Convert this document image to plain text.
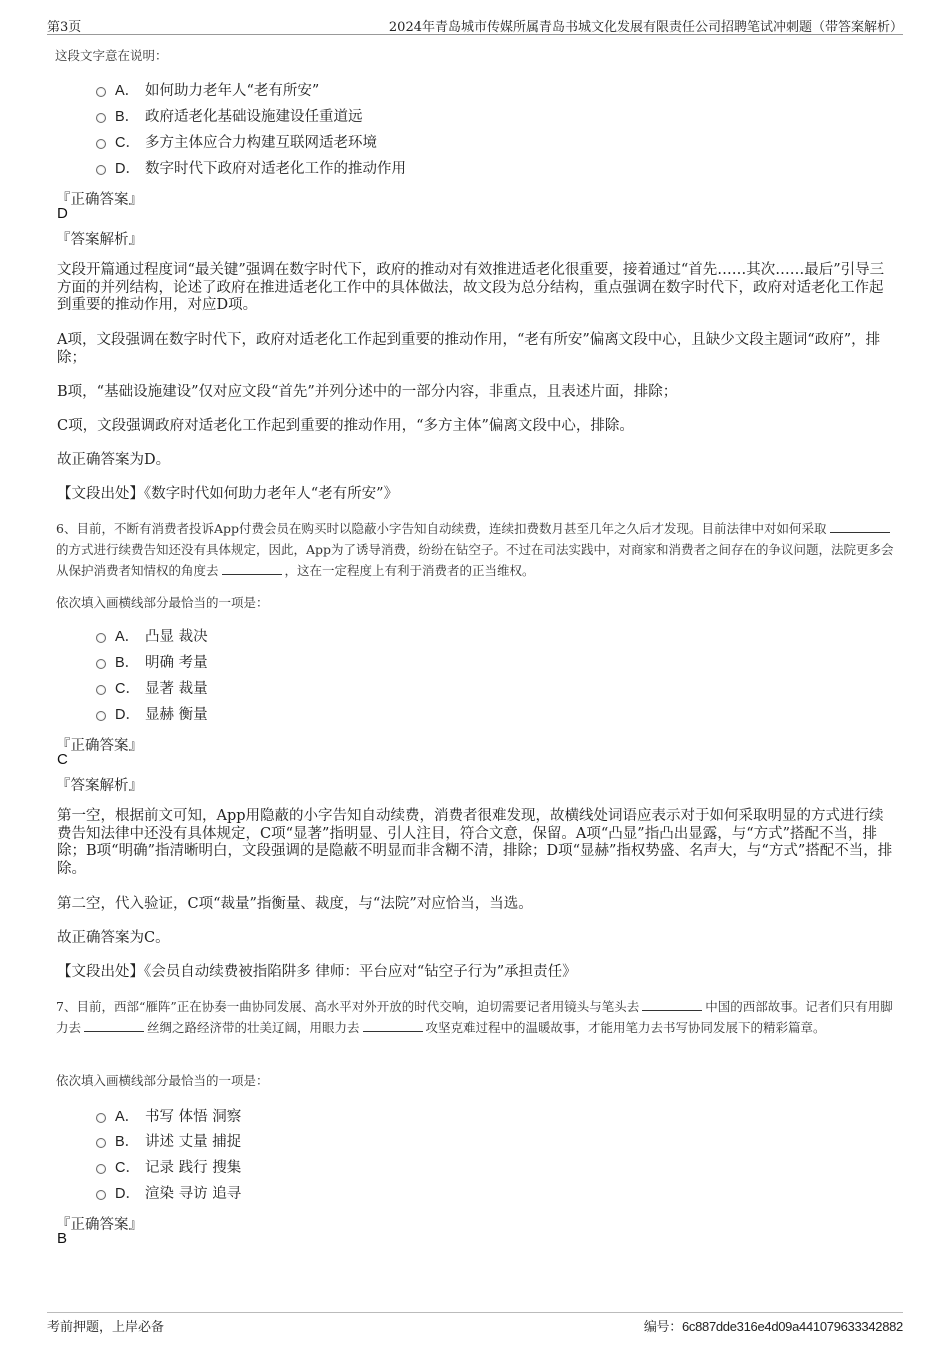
第3页	2024年青岛城市传媒所属青岛书城文化发展有限责任公司招聘笔试冲刺题（带答案解析）
这段文字意在说明：
A． 如何助力老年人“老有所安”
B． 政府适老化基础设施建设任重道远
C． 多方主体应合力构建互联网适老环境
D． 数字时代下政府对适老化工作的推动作用
『正确答案』
D
『答案解析』
文段开篇通过程度词“最关键”强调在数字时代下，政府的推动对有效推进适老化很重要，接着通过“首先……其次……最后”引导三方面的并列结构，论述了政府在推进适老化工作中的具体做法，故文段为总分结构，重点强调在数字时代下，政府对适老化工作起到重要的推动作用，对应D项。
A项，文段强调在数字时代下，政府对适老化工作起到重要的推动作用，“老有所安”偏离文段中心，且缺少文段主题词“政府”，排除；
B项，“基础设施建设”仅对应文段“首先”并列分述中的一部分内容，非重点，且表述片面，排除；
C项，文段强调政府对适老化工作起到重要的推动作用，“多方主体”偏离文段中心，排除。
故正确答案为D。
【文段出处】《数字时代如何助力老年人“老有所安”》
6、目前，不断有消费者投诉App付费会员在购买时以隐蔽小字告知自动续费，连续扣费数月甚至几年之久后才发现。目前法律中对如何采取的方式进行续费告知还没有具体规定，因此，App为了诱导消费，纷纷在钻空子。不过在司法实践中，对商家和消费者之间存在的争议问题，法院更多会从保护消费者知情权的角度去	，这在一定程度上有利于消费者的正当维权。
依次填入画横线部分最恰当的一项是：
A． 凸显 裁决
B． 明确 考量
C． 显著 裁量
D． 显赫 衡量
『正确答案』
C
『答案解析』
第一空，根据前文可知，App用隐蔽的小字告知自动续费，消费者很难发现，故横线处词语应表示对于如何采取明显的方式进行续费告知法律中还没有具体规定，C项“显著”指明显、引人注目，符合文意，保留。A项“凸显”指凸出显露，与“方式”搭配不当，排除；B项“明确”指清晰明白，文段强调的是隐蔽不明显而非含糊不清，排除；D项“显赫”指权势盛、名声大，与“方式”搭配不当，排除。
第二空，代入验证，C项“裁量”指衡量、裁度，与“法院”对应恰当，当选。
故正确答案为C。
【文段出处】《会员自动续费被指陷阱多 律师：平台应对“钻空子行为”承担责任》
7、目前，西部“雁阵”正在协奏一曲协同发展、高水平对外开放的时代交响，迫切需要记者用镜头与笔头去	中国的西部故事。记者们只有用脚力去	丝绸之路经济带的壮美辽阔，用眼力去	攻坚克难过程中的温暖故事，才能用笔力去书写协同发展下的精彩篇章。
依次填入画横线部分最恰当的一项是：
A． 书写 体悟 洞察
B． 讲述 丈量 捕捉
C． 记录 践行 搜集
D． 渲染 寻访 追寻
『正确答案』
B
考前押题，上岸必备	编号：6c887dde316e4d09a441079633342882
